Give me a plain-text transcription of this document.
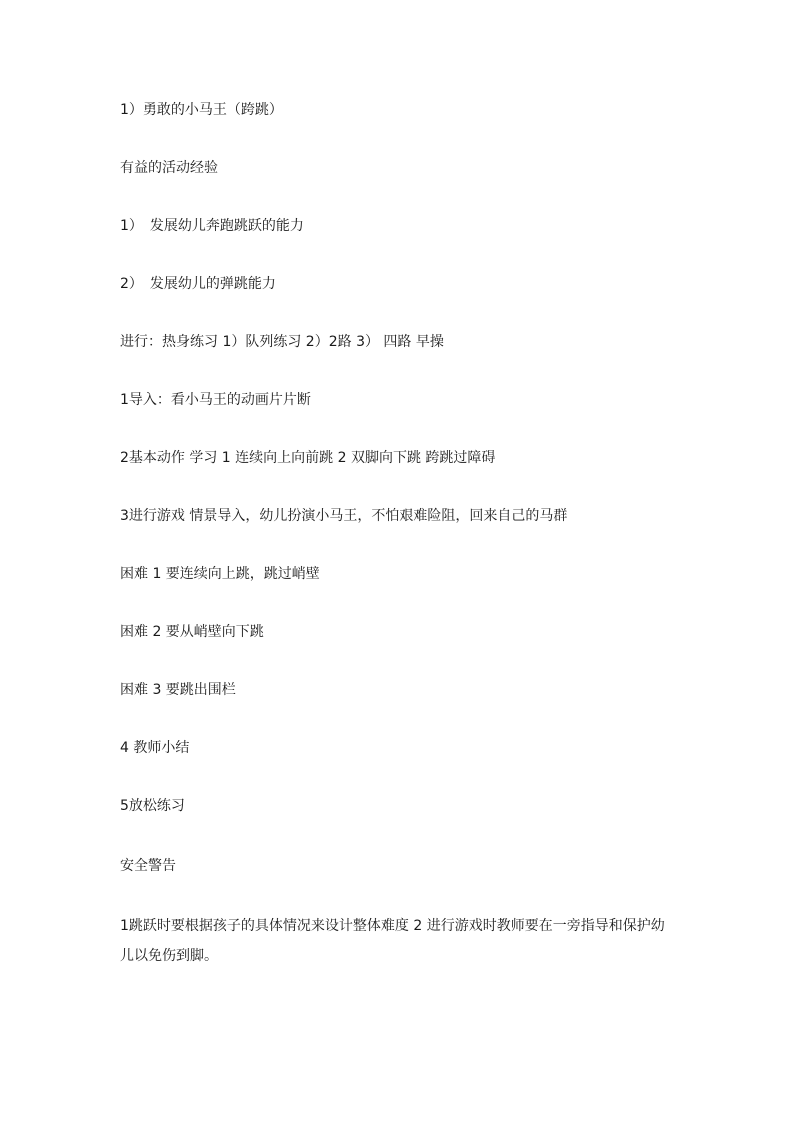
1）勇敢的小马王（跨跳）

有益的活动经验

1）　发展幼儿奔跑跳跃的能力

2）　发展幼儿的弹跳能力

进行：热身练习 1）队列练习 2）2路 3） 四路 早操

1导入：看小马王的动画片片断

2基本动作 学习 1 连续向上向前跳 2 双脚向下跳 跨跳过障碍

3进行游戏 情景导入，幼儿扮演小马王，不怕艰难险阻，回来自己的马群

困难 1 要连续向上跳，跳过峭壁

困难 2 要从峭壁向下跳

困难 3 要跳出围栏

4 教师小结

5放松练习

安全警告

1跳跃时要根据孩子的具体情况来设计整体难度 2 进行游戏时教师要在一旁指导和保护幼
儿以免伤到脚。
